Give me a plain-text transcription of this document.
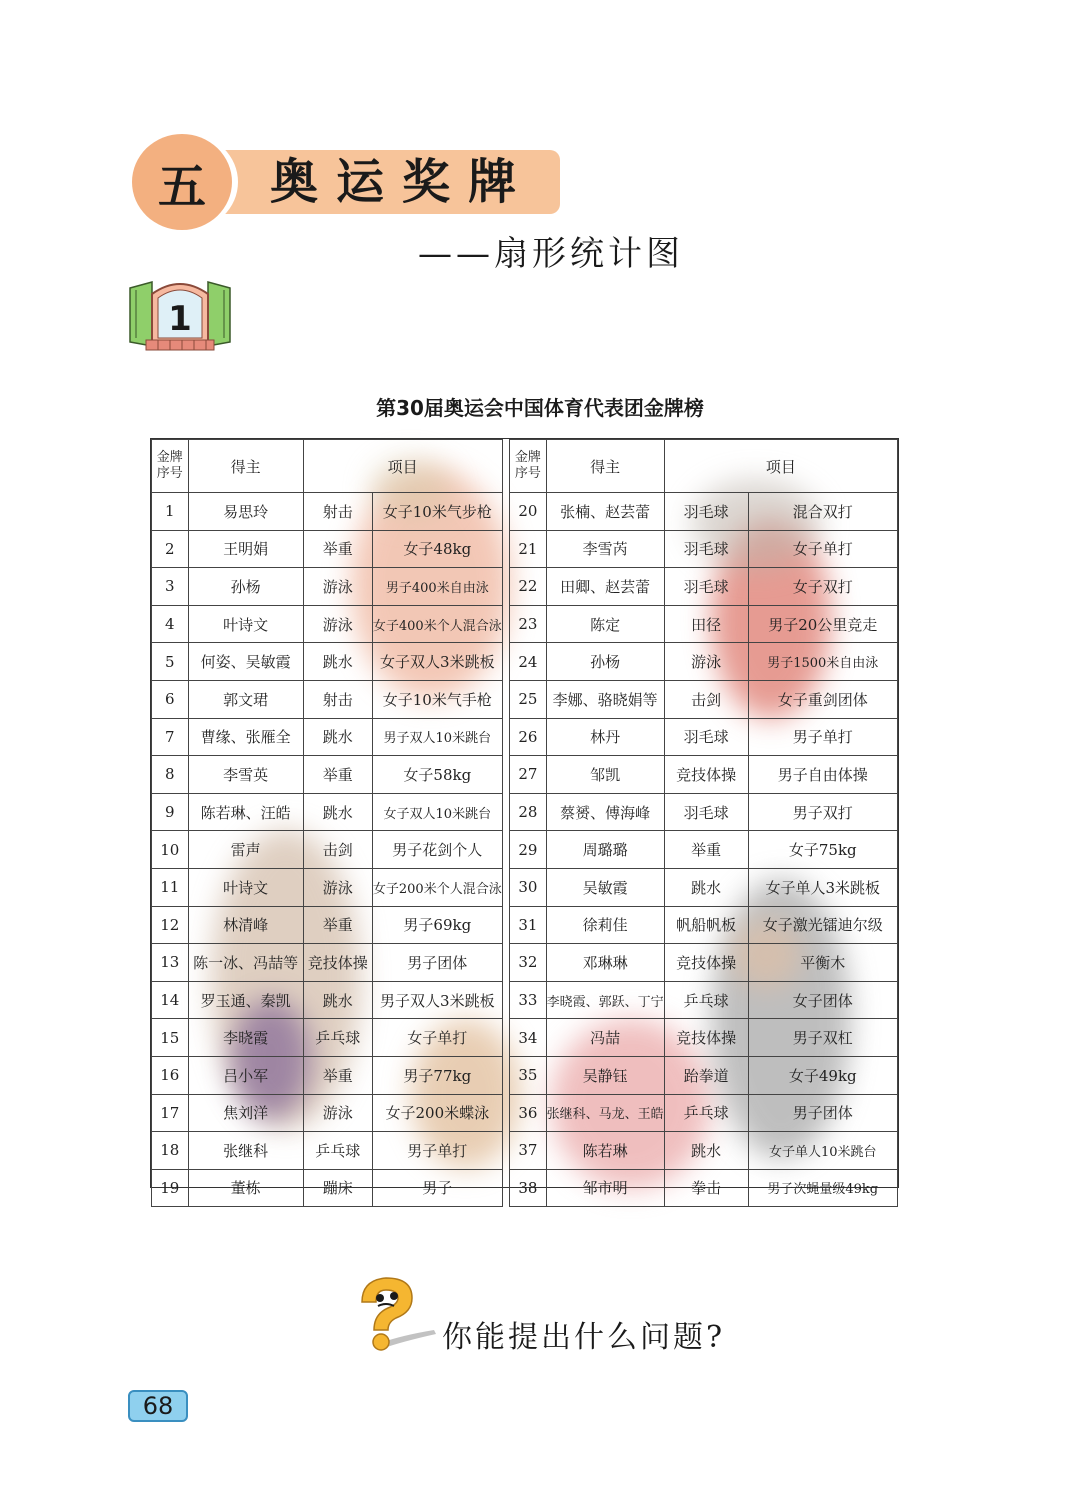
五	奥运奖牌
——扇形统计图
1
第30届奥运会中国体育代表团金牌榜
金牌序号	得主	项目			金牌序号	得主	项目	
1	易思玲	射击	女子10米气步枪		20	张楠、赵芸蕾	羽毛球	混合双打
2	王明娟	举重	女子48kg		21	李雪芮	羽毛球	女子单打
3	孙杨	游泳	男子400米自由泳		22	田卿、赵芸蕾	羽毛球	女子双打
4	叶诗文	游泳	女子400米个人混合泳		23	陈定	田径	男子20公里竞走
5	何姿、吴敏霞	跳水	女子双人3米跳板		24	孙杨	游泳	男子1500米自由泳
6	郭文珺	射击	女子10米气手枪		25	李娜、骆晓娟等	击剑	女子重剑团体
7	曹缘、张雁全	跳水	男子双人10米跳台		26	林丹	羽毛球	男子单打
8	李雪英	举重	女子58kg		27	邹凯	竞技体操	男子自由体操
9	陈若琳、汪皓	跳水	女子双人10米跳台		28	蔡赟、傅海峰	羽毛球	男子双打
10	雷声	击剑	男子花剑个人		29	周璐璐	举重	女子75kg
11	叶诗文	游泳	女子200米个人混合泳		30	吴敏霞	跳水	女子单人3米跳板
12	林清峰	举重	男子69kg		31	徐莉佳	帆船帆板	女子激光镭迪尔级
13	陈一冰、冯喆等	竞技体操	男子团体		32	邓琳琳	竞技体操	平衡木
14	罗玉通、秦凯	跳水	男子双人3米跳板		33	李晓霞、郭跃、丁宁	乒乓球	女子团体
15	李晓霞	乒乓球	女子单打		34	冯喆	竞技体操	男子双杠
16	吕小军	举重	男子77kg		35	吴静钰	跆拳道	女子49kg
17	焦刘洋	游泳	女子200米蝶泳		36	张继科、马龙、王皓	乒乓球	男子团体
18	张继科	乒乓球	男子单打		37	陈若琳	跳水	女子单人10米跳台
19	董栋	蹦床	男子		38	邹市明	拳击	男子次蝇量级49kg
你能提出什么问题?
68
